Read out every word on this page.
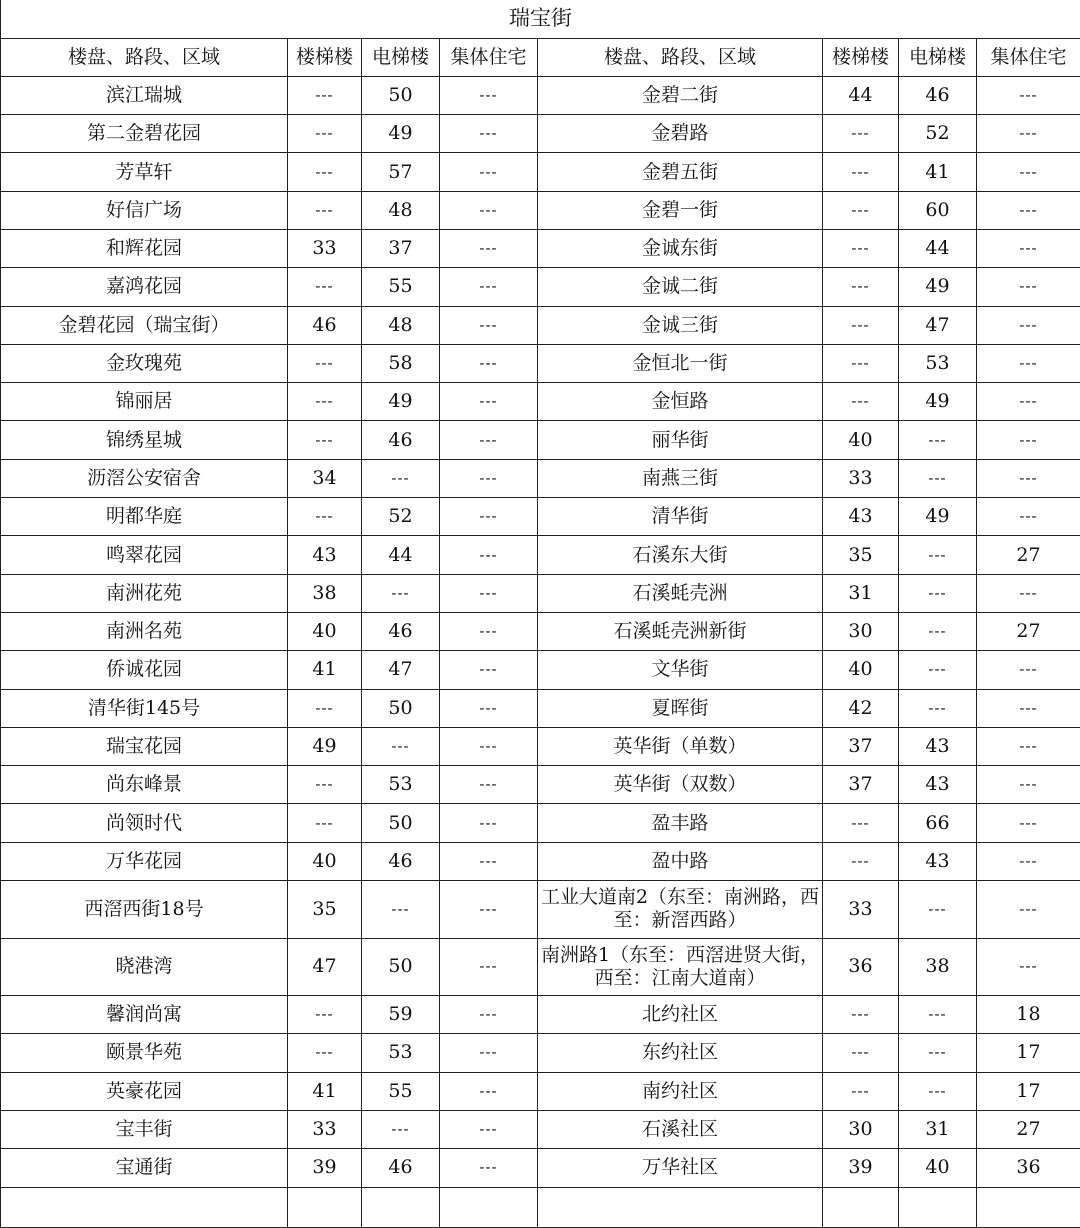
瑞宝街							
楼盘、路段、区域	楼梯楼	电梯楼	集体住宅	楼盘、路段、区域	楼梯楼	电梯楼	集体住宅
滨江瑞城	---	50	---	金碧二街	44	46	---
第二金碧花园	---	49	---	金碧路	---	52	---
芳草轩	---	57	---	金碧五街	---	41	---
好信广场	---	48	---	金碧一街	---	60	---
和辉花园	33	37	---	金诚东街	---	44	---
嘉鸿花园	---	55	---	金诚二街	---	49	---
金碧花园（瑞宝街）	46	48	---	金诚三街	---	47	---
金玫瑰苑	---	58	---	金恒北一街	---	53	---
锦丽居	---	49	---	金恒路	---	49	---
锦绣星城	---	46	---	丽华街	40	---	---
沥滘公安宿舍	34	---	---	南燕三街	33	---	---
明都华庭	---	52	---	清华街	43	49	---
鸣翠花园	43	44	---	石溪东大街	35	---	27
南洲花苑	38	---	---	石溪蚝壳洲	31	---	---
南洲名苑	40	46	---	石溪蚝壳洲新街	30	---	27
侨诚花园	41	47	---	文华街	40	---	---
清华街145号	---	50	---	夏晖街	42	---	---
瑞宝花园	49	---	---	英华街（单数）	37	43	---
尚东峰景	---	53	---	英华街（双数）	37	43	---
尚领时代	---	50	---	盈丰路	---	66	---
万华花园	40	46	---	盈中路	---	43	---
西滘西街18号	35	---	---	工业大道南2（东至：南洲路，西至：新滘西路）	33	---	---
晓港湾	47	50	---	南洲路1（东至：西滘进贤大街，西至：江南大道南）	36	38	---
馨润尚寓	---	59	---	北约社区	---	---	18
颐景华苑	---	53	---	东约社区	---	---	17
英豪花园	41	55	---	南约社区	---	---	17
宝丰街	33	---	---	石溪社区	30	31	27
宝通街	39	46	---	万华社区	39	40	36
